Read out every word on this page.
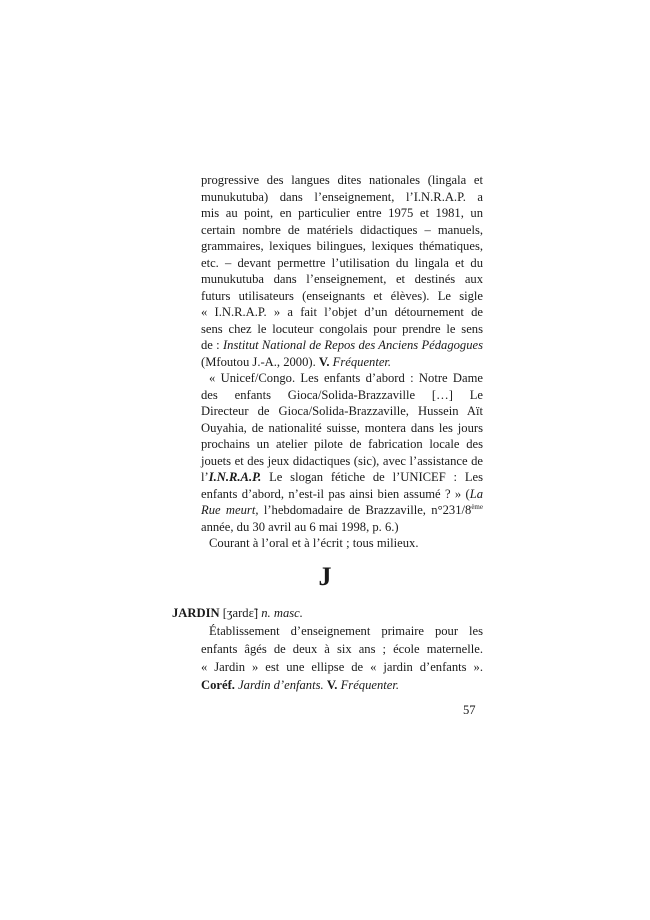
progressive des langues dites nationales (lingala et

munukutuba) dans l’enseignement, l’I.N.R.A.P. a

mis au point, en particulier entre 1975 et 1981, un

certain nombre de matériels didactiques – manuels,

grammaires, lexiques bilingues, lexiques thématiques,

etc. – devant permettre l’utilisation du lingala et du

munukutuba dans l’enseignement, et destinés aux

futurs utilisateurs (enseignants et élèves). Le sigle

« I.N.R.A.P. » a fait l’objet d’un détournement de

sens chez le locuteur congolais pour prendre le sens

de : Institut National de Repos des Anciens Pédagogues

(Mfoutou J.-A., 2000). V. Fréquenter.

« Unicef/Congo. Les enfants d’abord : Notre Dame

des enfants Gioca/Solida-Brazzaville […] Le

Directeur de Gioca/Solida-Brazzaville, Hussein Aït

Ouyahia, de nationalité suisse, montera dans les jours

prochains un atelier pilote de fabrication locale des

jouets et des jeux didactiques (sic), avec l’assistance de

l’I.N.R.A.P. Le slogan fétiche de l’UNICEF : Les

enfants d’abord, n’est-il pas ainsi bien assumé ? » (La

Rue meurt, l’hebdomadaire de Brazzaville, n°231/8ème

année, du 30 avril au 6 mai 1998, p. 6.)

Courant à l’oral et à l’écrit ; tous milieux.

J

JARDIN [ʒardɛ̃] n. masc.

Établissement d’enseignement primaire pour les

enfants âgés de deux à six ans ; école maternelle.

« Jardin » est une ellipse de « jardin d’enfants ».

Coréf. Jardin d’enfants. V. Fréquenter.

57
